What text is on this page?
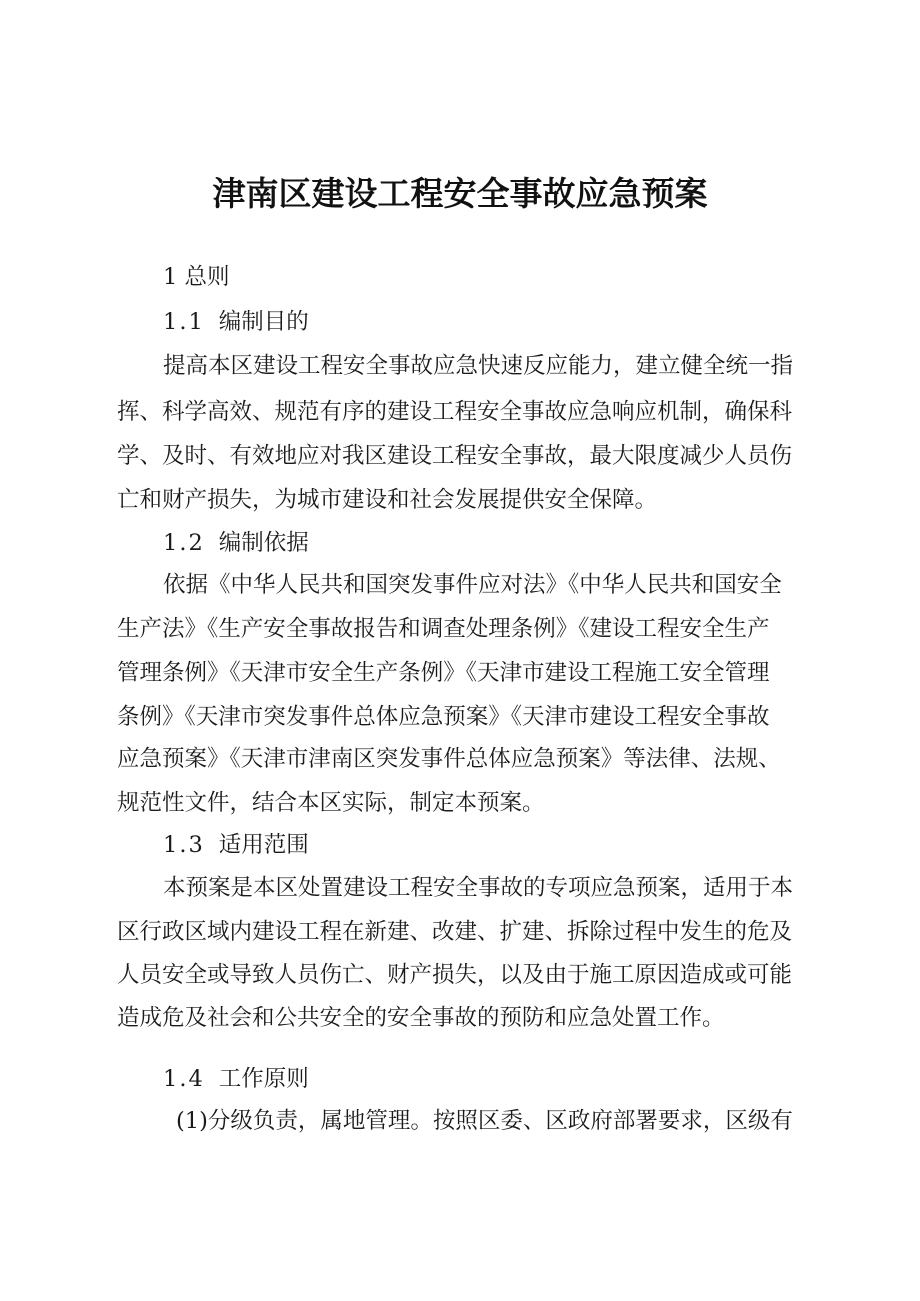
津南区建设工程安全事故应急预案
1 总则
1.1 编制目的
提高本区建设工程安全事故应急快速反应能力，建立健全统一指
挥、科学高效、规范有序的建设工程安全事故应急响应机制，确保科
学、及时、有效地应对我区建设工程安全事故，最大限度减少人员伤
亡和财产损失，为城市建设和社会发展提供安全保障。
1.2 编制依据
依据《中华人民共和国突发事件应对法》《中华人民共和国安全
生产法》《生产安全事故报告和调查处理条例》《建设工程安全生产
管理条例》《天津市安全生产条例》《天津市建设工程施工安全管理
条例》《天津市突发事件总体应急预案》《天津市建设工程安全事故
应急预案》《天津市津南区突发事件总体应急预案》等法律、法规、
规范性文件，结合本区实际，制定本预案。
1.3 适用范围
本预案是本区处置建设工程安全事故的专项应急预案，适用于本
区行政区域内建设工程在新建、改建、扩建、拆除过程中发生的危及
人员安全或导致人员伤亡、财产损失，以及由于施工原因造成或可能
造成危及社会和公共安全的安全事故的预防和应急处置工作。
1.4 工作原则
(1)分级负责，属地管理。按照区委、区政府部署要求，区级有
